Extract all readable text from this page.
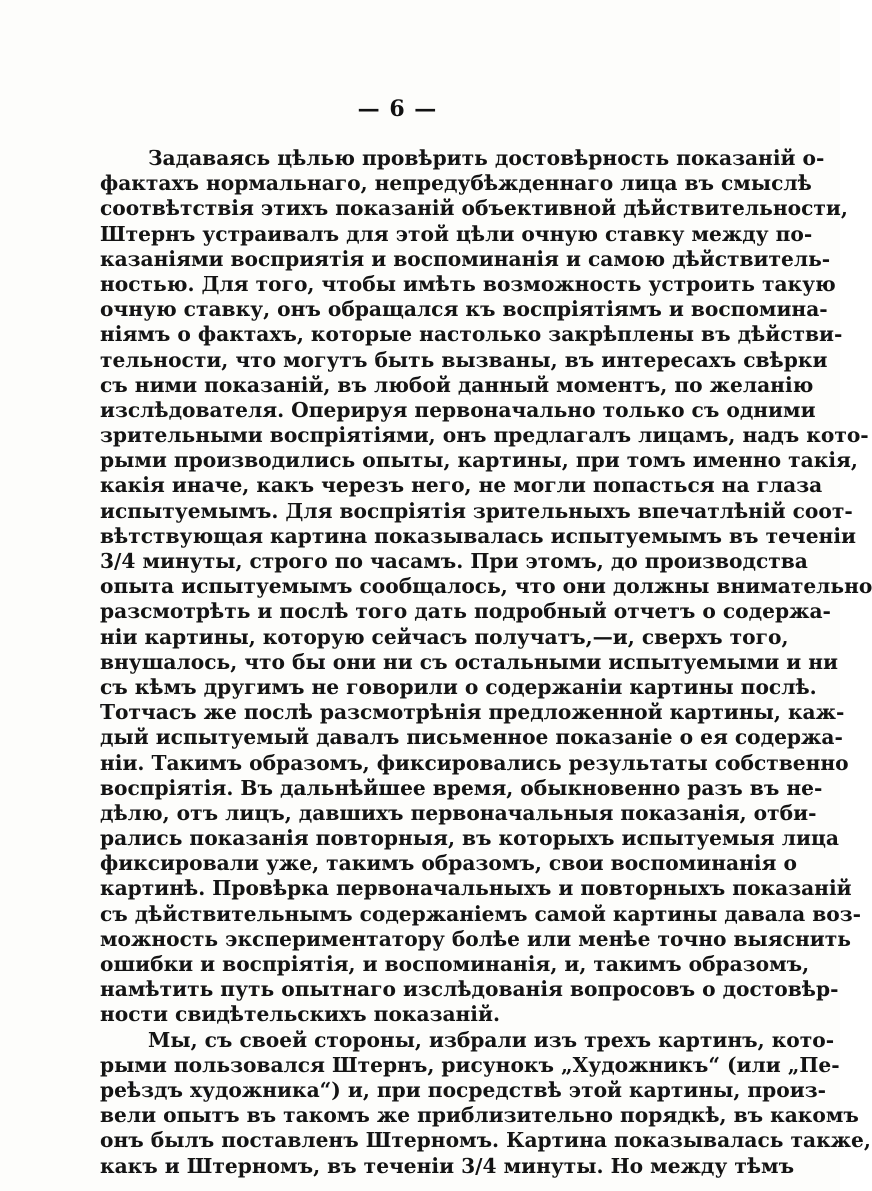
— 6 —
Задаваясь цѣлью провѣрить достовѣрность показаній о-
фактахъ нормальнаго, непредубѣжденнаго лица въ смыслѣ
соотвѣтствія этихъ показаній объективной дѣйствительности,
Штернъ устраивалъ для этой цѣли очную ставку между по-
казаніями восприятія и воспоминанія и самою дѣйствитель-
ностью. Для того, чтобы имѣть возможность устроить такую
очную ставку, онъ обращался къ воспріятіямъ и воспомина-
ніямъ о фактахъ, которые настолько закрѣплены въ дѣйстви-
тельности, что могутъ быть вызваны, въ интересахъ свѣрки
съ ними показаній, въ любой данный моментъ, по желанію
изслѣдователя. Оперируя первоначально только съ одними
зрительными воспріятіями, онъ предлагалъ лицамъ, надъ кото-
рыми производились опыты, картины, при томъ именно такія,
какія иначе, какъ черезъ него, не могли попасться на глаза
испытуемымъ. Для воспріятія зрительныхъ впечатлѣній соот-
вѣтствующая картина показывалась испытуемымъ въ теченіи
3/4 минуты, строго по часамъ. При этомъ, до производства
опыта испытуемымъ сообщалось, что они должны внимательно
разсмотрѣть и послѣ того дать подробный отчетъ о содержа-
ніи картины, которую сейчасъ получатъ,—и, сверхъ того,
внушалось, что бы они ни съ остальными испытуемыми и ни
съ кѣмъ другимъ не говорили о содержаніи картины послѣ.
Тотчасъ же послѣ разсмотрѣнія предложенной картины, каж-
дый испытуемый давалъ письменное показаніе о ея содержа-
ніи. Такимъ образомъ, фиксировались результаты собственно
воспріятія. Въ дальнѣйшее время, обыкновенно разъ въ не-
дѣлю, отъ лицъ, давшихъ первоначальныя показанія, отби-
рались показанія повторныя, въ которыхъ испытуемыя лица
фиксировали уже, такимъ образомъ, свои воспоминанія о
картинѣ. Провѣрка первоначальныхъ и повторныхъ показаній
съ дѣйствительнымъ содержаніемъ самой картины давала воз-
можность экспериментатору болѣе или менѣе точно выяснить
ошибки и воспріятія, и воспоминанія, и, такимъ образомъ,
намѣтить путь опытнаго изслѣдованія вопросовъ о достовѣр-
ности свидѣтельскихъ показаній.
Мы, съ своей стороны, избрали изъ трехъ картинъ, кото-
рыми пользовался Штернъ, рисунокъ „Художникъ“ (или „Пе-
реѣздъ художника“) и, при посредствѣ этой картины, произ-
вели опытъ въ такомъ же приблизительно порядкѣ, въ какомъ
онъ былъ поставленъ Штерномъ. Картина показывалась также,
какъ и Штерномъ, въ теченіи 3/4 минуты. Но между тѣмъ
